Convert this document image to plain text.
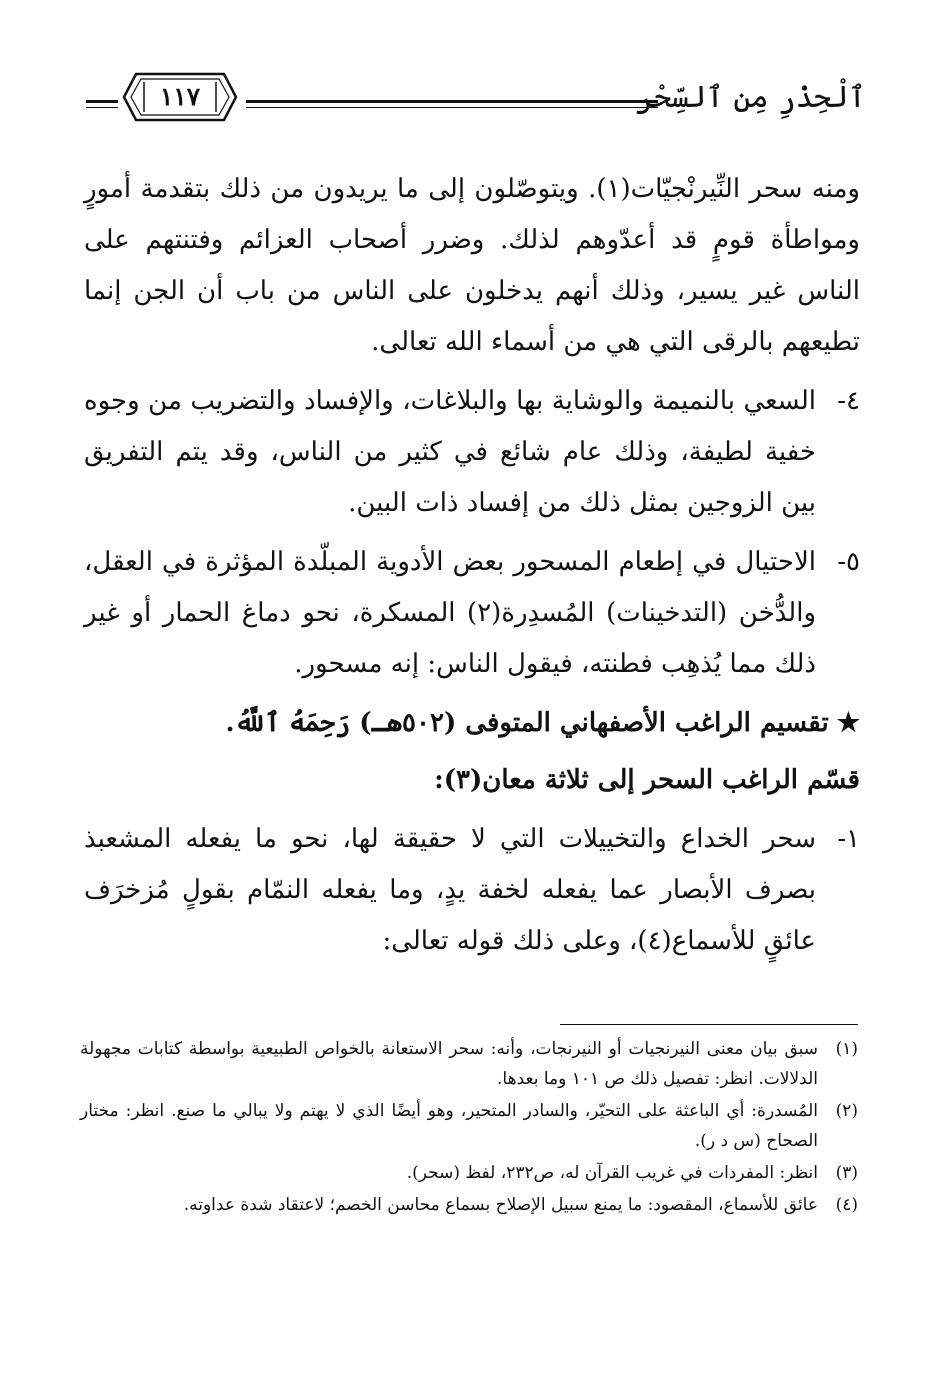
ٱلْحِذْرِ مِن ٱلسِّحْر
١١٧

ومنه سحر النِّيرنْجيّات(١). ويتوصّلون إلى ما يريدون من ذلك بتقدمة أمورٍ ومواطأة قومٍ قد أعدّوهم لذلك. وضرر أصحاب العزائم وفتنتهم على الناس غير يسير، وذلك أنهم يدخلون على الناس من باب أن الجن إنما تطيعهم بالرقى التي هي من أسماء الله تعالى.

٤-
السعي بالنميمة والوشاية بها والبلاغات، والإفساد والتضريب من وجوه خفية لطيفة، وذلك عام شائع في كثير من الناس، وقد يتم التفريق بين الزوجين بمثل ذلك من إفساد ذات البين.
٥-
الاحتيال في إطعام المسحور بعض الأدوية المبلّدة المؤثرة في العقل، والدُّخن (التدخينات) المُسدِرة(٢) المسكرة، نحو دماغ الحمار أو غير ذلك مما يُذهِب فطنته، فيقول الناس: إنه مسحور.
★تقسيم الراغب الأصفهاني المتوفى (٥٠٢هـ) رَحِمَهُ ٱللَّهُ.
قسّم الراغب السحر إلى ثلاثة معان(٣):
١-
سحر الخداع والتخييلات التي لا حقيقة لها، نحو ما يفعله المشعبذ بصرف الأبصار عما يفعله لخفة يدٍ، وما يفعله النمّام بقولٍ مُزخرَف عائقٍ للأسماع(٤)، وعلى ذلك قوله تعالى:
(١)
سبق بيان معنى النيرنجيات أو النيرنجات، وأنه: سحر الاستعانة بالخواص الطبيعية بواسطة كتابات مجهولة الدلالات. انظر: تفصيل ذلك ص ١٠١ وما بعدها.
(٢)
المُسدرة: أي الباعثة على التحيّر، والسادر المتحير، وهو أيضًا الذي لا يهتم ولا يبالي ما صنع. انظر: مختار الصحاح (س د ر).
(٣)
انظر: المفردات في غريب القرآن له، ص٢٣٢، لفظ (سحر).
(٤)
عائق للأسماع، المقصود: ما يمنع سبيل الإصلاح بسماع محاسن الخصم؛ لاعتقاد شدة عداوته.
